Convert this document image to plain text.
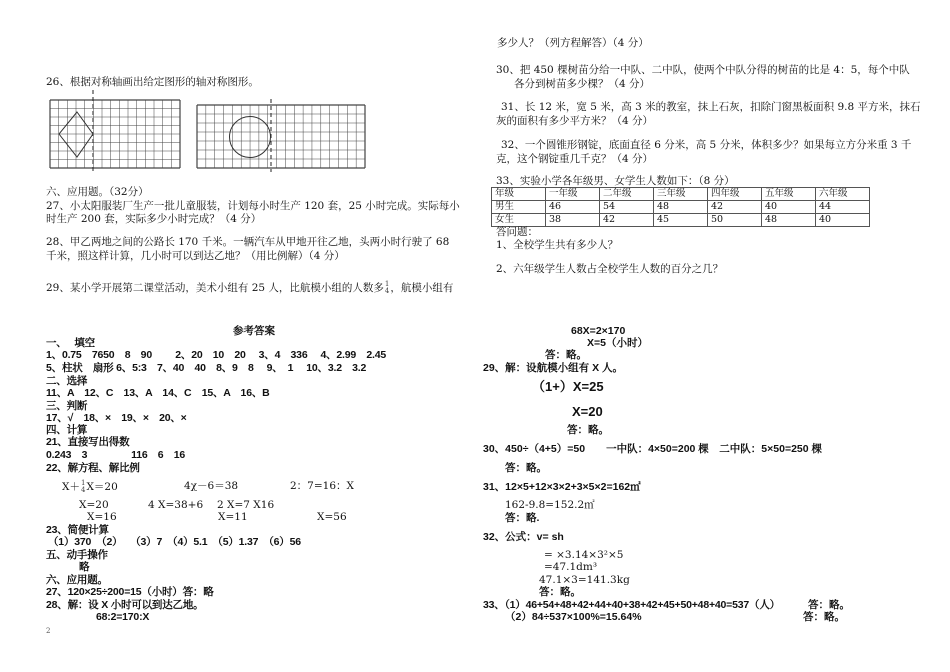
26、根据对称轴画出给定图形的轴对称图形。
六、应用题。（32分）
27、小太阳服装厂生产一批儿童服装，计划每小时生产 120 套，25 小时完成。实际每小
时生产 200 套，实际多少小时完成？（4 分）
28、甲乙两地之间的公路长 170 千米。一辆汽车从甲地开往乙地，头两小时行驶了 68
千米，照这样计算，几小时可以到达乙地？（用比例解）（4 分）
29、某小学开展第二课堂活动，美术小组有 25 人，比航模小组的人数多 1
4 ，航模小组有
多少人？（列方程解答）（4 分）
30、把 450 棵树苗分给一中队、二中队，使两个中队分得的树苗的比是 4：5，每个中队
各分到树苗多少棵？（4 分）
31、长 12 米，宽 5 米，高 3 米的教室，抹上石灰，扣除门窗黑板面积 9.8 平方米，抹石
灰的面积有多少平方米？（4 分）
32、一个圆锥形钢锭，底面直径 6 分米，高 5 分米，体积多少？如果每立方分米重 3 千
克，这个钢锭重几千克？（4 分）
33、实验小学各年级男、女学生人数如下：（8 分）
年级	一年级	二年级	三年级	四年级	五年级	六年级
男生	46	54	48	42	40	44
女生	38	42	45	50	48	40
答问题：
1、全校学生共有多少人？
2、六年级学生人数占全校学生人数的百分之几？
参考答案
一、　 填空
1、0.75　7650　8　90　　 2、20　10　20　 3、4　336　 4、2.99　2.45
5、柱状　扇形 6、5:3　7、40　40　8、9　8　 9、　1　 10、3.2　3.2
二、选择
11、A　12、C　13、A　14、C　15、A　16、B
三、判断
17、√　18、×　19、×　20、×
四、计算
21、直接写出得数
0.243　3　　　　 116　6　16
22、解方程、解比例
X＋ 1
4 X＝20	4χ－6＝38	2：7=16：X
X=20	4 X=38+6 2 X=7 X16
X=16	X=11	X=56
23、简便计算
（1）370　（2）　 （3）7　（4）5.1　（5）1.37　（6）56
五、动手操作
略
六、应用题。
27、120×25÷200=15（小时）答：略
28、解：设 X 小时可以到达乙地。
68:2=170:X
2
68X=2×170
X=5（小时）
答：略。
29、解：设航模小组有 X 人。
（1+）X=25
X=20
答：略。
30、450÷（4+5）=50　　一中队：4×50=200 棵　二中队：5×50=250 棵
答：略。
31、12×5+12×3×2+3×5×2=162㎡
162-9.8=152.2㎡
答：略.
32、公式：v= sh
= ×3.14×3²×5
=47.1dm³
47.1×3=141.3kg
答：略。
33、（1）46+54+48+42+44+40+38+42+45+50+48+40=537（人）	答：略。
（2）84÷537×100%=15.64%	答：略。
